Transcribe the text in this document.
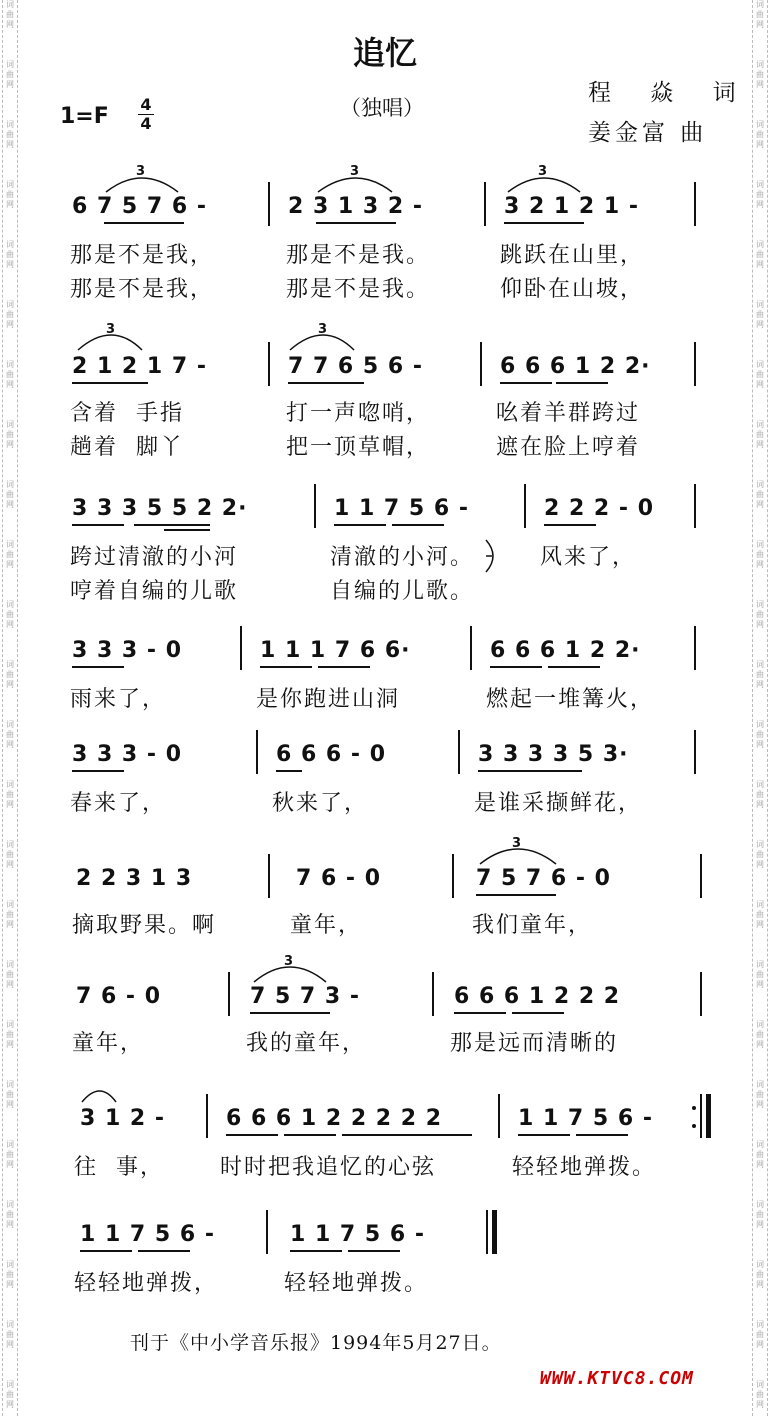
词
曲
网
词
曲
网
词
曲
网
词
曲
网
词
曲
网
词
曲
网
词
曲
网
词
曲
网
词
曲
网
词
曲
网
词
曲
网
词
曲
网
词
曲
网
词
曲
网
词
曲
网
词
曲
网
词
曲
网
词
曲
网
词
曲
网
词
曲
网
词
曲
网
词
曲
网
词
曲
网
词
曲
网
词
曲
网
词
曲
网
词
曲
网
词
曲
网
词
曲
网
词
曲
网
词
曲
网
词
曲
网
词
曲
网
词
曲
网
词
曲
网
词
曲
网
词
曲
网
词
曲
网
词
曲
网
词
曲
网
词
曲
网
词
曲
网
词
曲
网
词
曲
网
词
曲
网
词
曲
网
词
曲
网
词
曲
网
追忆
1=F 4
4
（独唱）
程 焱 词
姜金富 曲
6 7 5 7 6 -	2 3 1 3 2 -	3 2 1 2 1 -
那是不是我，	那是不是我。	跳跃在山里，
那是不是我，	那是不是我。	仰卧在山坡，
2 1 2 1 7 -	7 7 6 5 6 -	6 6 6 1 2 2·
含着  手指	打一声唿哨，	吆着羊群跨过
趟着  脚丫	把一顶草帽，	遮在脸上哼着
3 3 3 5 5 2 2·	1 1 7 5 6 -	2 2 2 - 0
跨过清澈的小河	清澈的小河。	风来了，
哼着自编的儿歌	自编的儿歌。
3 3 3 - 0	1 1 1 7 6 6·	6 6 6 1 2 2·
雨来了，	是你跑进山洞	燃起一堆篝火，
3 3 3 - 0	6 6 6 - 0	3 3 3 3 5 3·
春来了，	秋来了，	是谁采撷鲜花，
2 2 3 1 3	7 6 - 0	7 5 7 6 - 0
摘取野果。啊	童年，	我们童年，
7 6 - 0	7 5 7 3 -	6 6 6 1 2 2 2
童年，	我的童年，	那是远而清晰的
3 1 2 -	6 6 6 1 2 2 2 2 2	1 1 7 5 6 -
往  事，	时时把我追忆的心弦	轻轻地弹拨。
1 1 7 5 6 -	1 1 7 5 6 -
轻轻地弹拨，	轻轻地弹拨。
3	3	3
3	3
3
3
刊于《中小学音乐报》1994年5月27日。
WWW.KTVC8.COM
